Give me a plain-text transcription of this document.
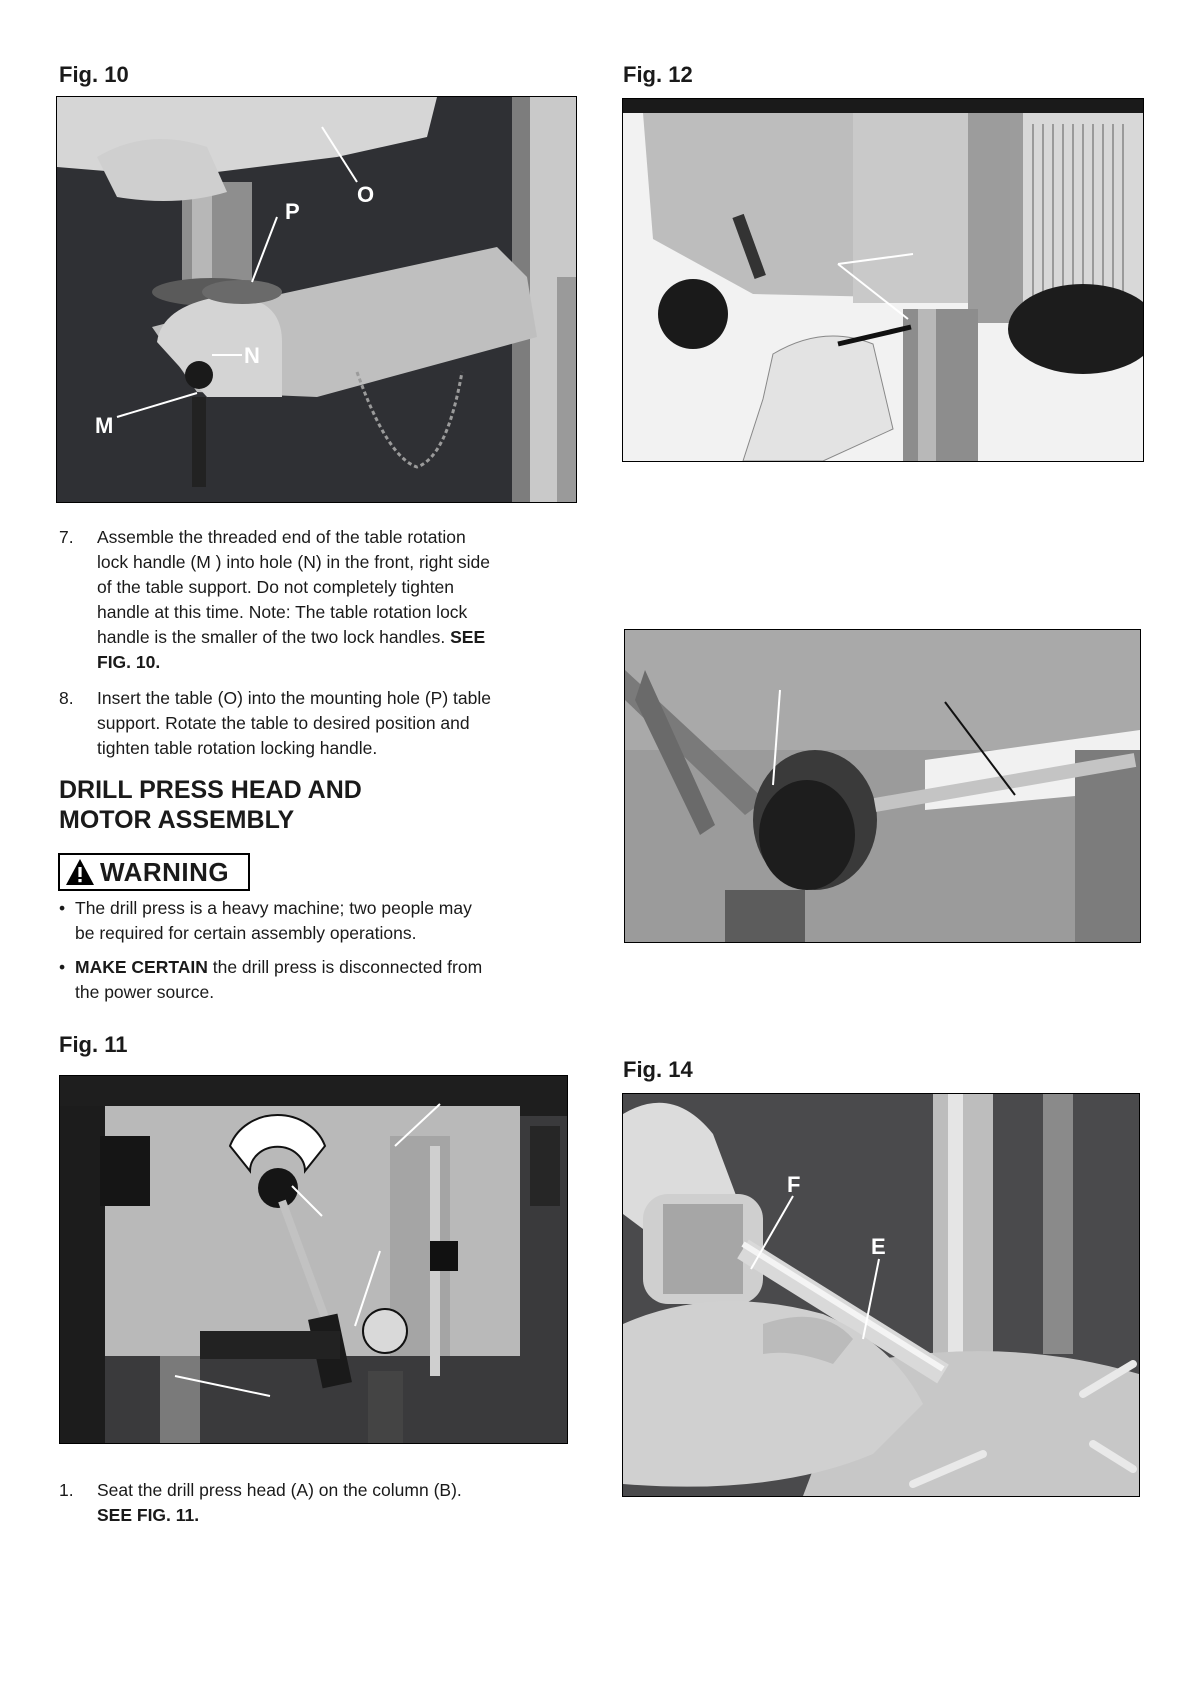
Fig. 10
O
P
N
M
7. Assemble the threaded end of the table rotation
lock handle (M ) into hole (N) in the front, right side
of the table support. Do not completely tighten
handle at this time. Note: The table rotation lock
handle is the smaller of the two lock handles. SEE
FIG. 10.
8. Insert the table (O) into the mounting hole (P) table
support. Rotate the table to desired position and
tighten table rotation locking handle.
DRILL PRESS HEAD AND
MOTOR ASSEMBLY
WARNING
• The drill press is a heavy machine; two people may
be required for certain assembly operations.
• MAKE CERTAIN the drill press is disconnected from
the power source.
Fig. 11
1. Seat the drill press head (A) on the column (B).
SEE FIG. 11.
Fig. 12
Fig. 14
F
E
